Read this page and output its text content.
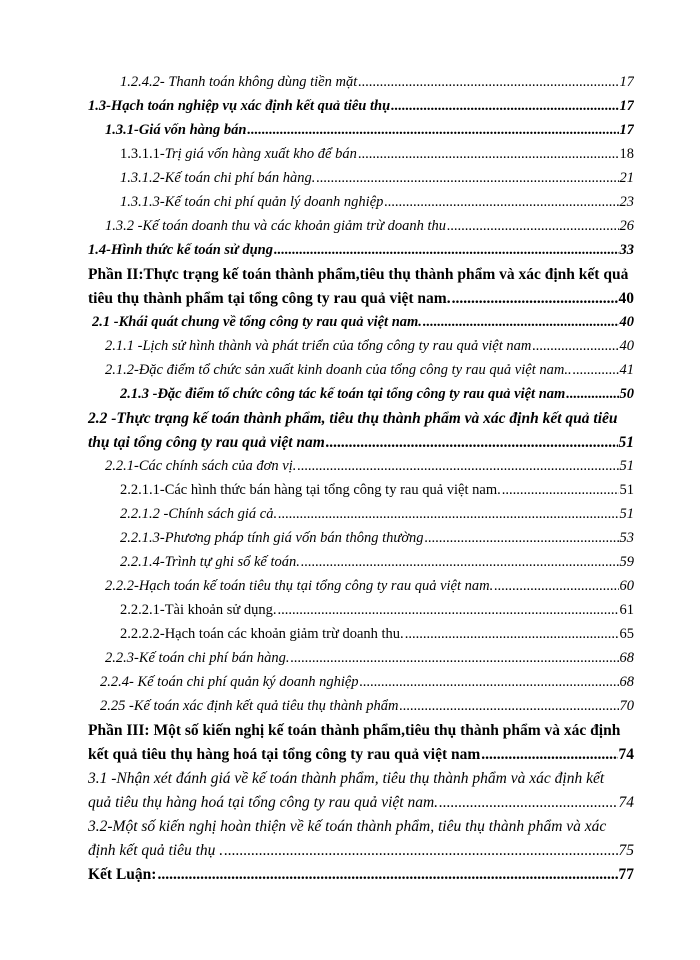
1.2.4.2- Thanh toán không dùng tiền mặt .....	17
1.3-Hạch toán nghiệp vụ xác định kết quả tiêu thụ .....	17
1.3.1-Giá vốn hàng bán .....	17
1.3.1.1- Trị giá vốn hàng xuất kho để bán .....	18
1.3.1.2-Kế toán chi phí bán hàng. .....	21
1.3.1.3-Kế toán chi phí quản lý doanh nghiệp .....	23
1.3.2 -Kế toán doanh thu và các khoản giảm trừ doanh thu .....	26
1.4-Hình thức kế toán sử dụng .....	33
Phần II:Thực trạng kế toán thành phẩm,tiêu thụ thành phẩm và xác định kết quả
tiêu thụ thành phẩm tại tổng công ty rau quả việt nam. .....	40
2.1 -Khái quát chung về tổng công ty rau quả việt nam. .....	40
2.1.1 -Lịch sử hình thành và phát triển của tổng công ty rau quả việt nam .....	40
2.1.2-Đặc điểm tổ chức sản xuất kinh doanh của tổng công ty rau quả việt nam.. .....	41
2.1.3 -Đặc điểm tổ chức công tác kế toán tại tổng công ty rau quả việt nam .....	50
2.2 -Thực trạng kế toán thành phẩm, tiêu thụ thành phẩm và xác định kết quả tiêu
thụ tại tổng công ty rau quả việt nam .....	51
2.2.1-Các chính sách của đơn vị. .....	51
2.2.1.1-Các hình thức bán hàng tại tổng công ty rau quả việt nam. .....	51
2.2.1.2 -Chính sách giá cả. .....	51
2.2.1.3-Phương pháp tính giá vốn bán thông thường .....	53
2.2.1.4-Trình tự ghi sổ kế toán. .....	59
2.2.2-Hạch toán kế toán tiêu thụ tại tổng công ty rau quả việt nam. .....	60
2.2.2.1-Tài khoản sử dụng. .....	61
2.2.2.2-Hạch toán các khoản giảm trừ doanh thu. .....	65
2.2.3-Kế toán chi phí bán hàng. .....	68
2.2.4- Kế toán chi phí quản ký doanh nghiệp .....	68
2.25 -Kế toán xác định kết quả tiêu thụ thành phẩm .....	70
Phần III: Một số kiến nghị kế toán thành phẩm,tiêu thụ thành phẩm và xác định
kết quả tiêu thụ hàng hoá tại tổng công ty rau quả việt nam .....	74
3.1 -Nhận xét đánh giá về kế toán thành phẩm, tiêu thụ thành phẩm và xác định kết
quả tiêu thụ hàng hoá tại tổng công ty rau quả việt nam. .....	74
3.2-Một số kiến nghị hoàn thiện về kế toán thành phẩm, tiêu thụ thành phẩm và xác
định kết quả tiêu thụ . .....	75
Kết Luận: .....	77
